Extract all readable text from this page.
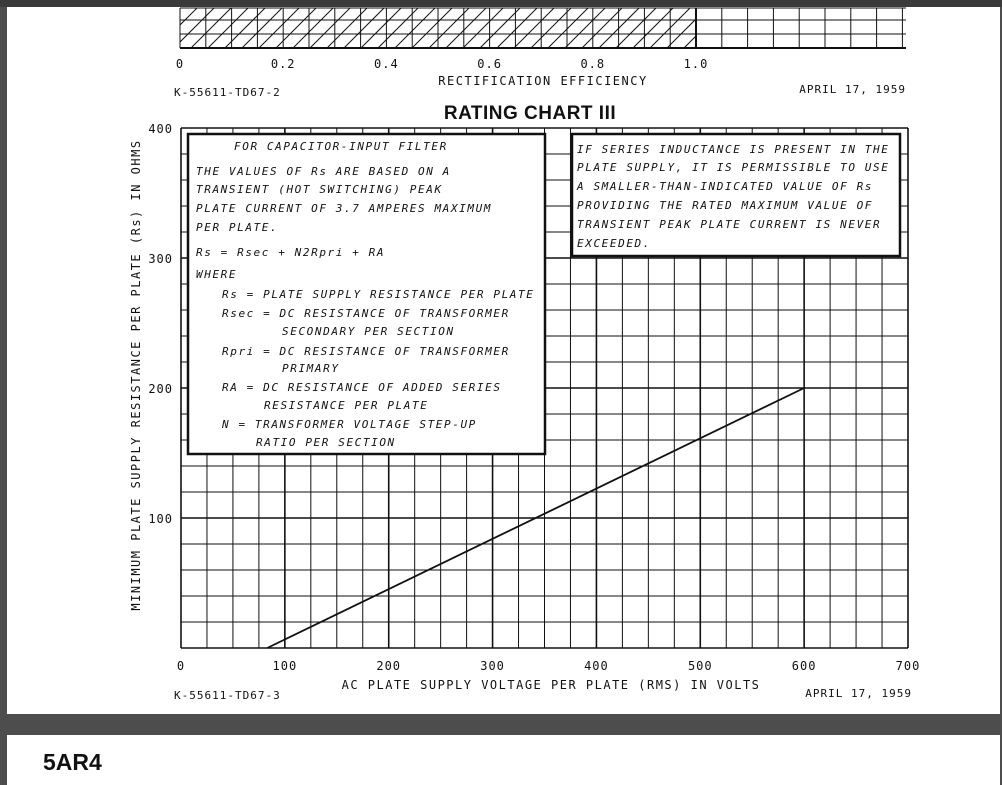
5AR4

0	0.2	0.4	0.6	0.8	1.0
RECTIFICATION EFFICIENCY
K-55611-TD67-2	APRIL 17, 1959
RATING CHART III
0	100	200	300	400	500	600	700
100
200
300
400
AC PLATE SUPPLY VOLTAGE PER PLATE (RMS) IN VOLTS
MINIMUM PLATE SUPPLY RESISTANCE PER PLATE (Rs) IN OHMS
K-55611-TD67-3	APRIL 17, 1959
FOR CAPACITOR-INPUT FILTER
THE VALUES OF Rs ARE BASED ON A
TRANSIENT (HOT SWITCHING) PEAK
PLATE CURRENT OF 3.7 AMPERES MAXIMUM
PER PLATE.
Rs = Rsec + N2Rpri + RA
WHERE
Rs = PLATE SUPPLY RESISTANCE PER PLATE
Rsec = DC RESISTANCE OF TRANSFORMER
SECONDARY PER SECTION
Rpri = DC RESISTANCE OF TRANSFORMER
PRIMARY
RA = DC RESISTANCE OF ADDED SERIES
RESISTANCE PER PLATE
N = TRANSFORMER VOLTAGE STEP-UP
RATIO PER SECTION
IF SERIES INDUCTANCE IS PRESENT IN THE
PLATE SUPPLY, IT IS PERMISSIBLE TO USE
A SMALLER-THAN-INDICATED VALUE OF Rs
PROVIDING THE RATED MAXIMUM VALUE OF
TRANSIENT PEAK PLATE CURRENT IS NEVER
EXCEEDED.
